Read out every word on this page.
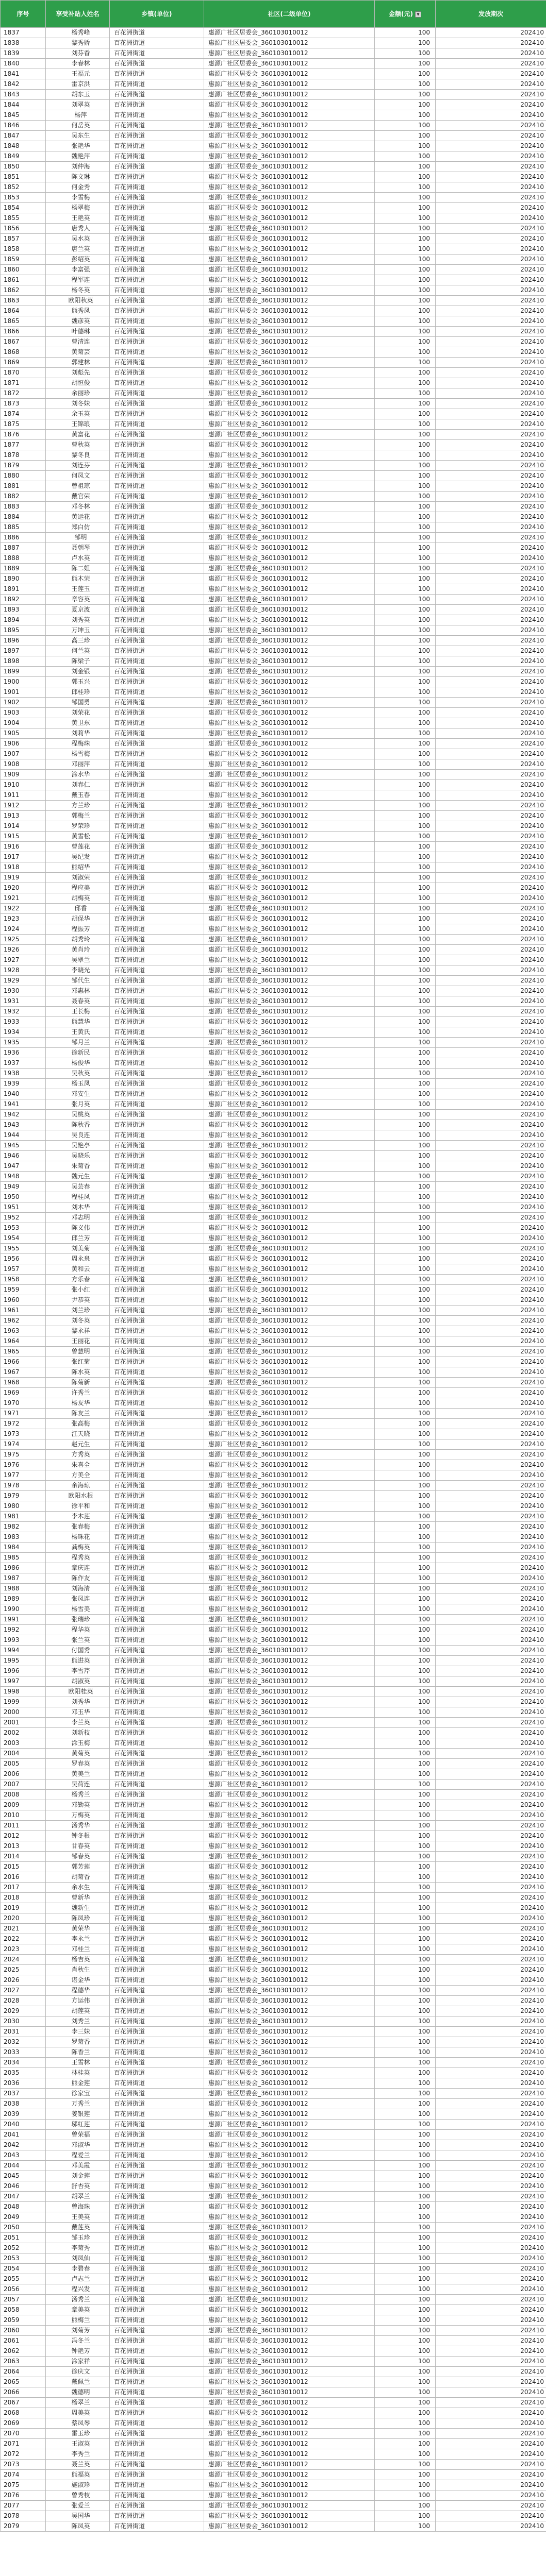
序号	享受补贴人姓名	乡镇(单位)	社区(二级单位)	金额(元) ▼	发放期次
1837	杨秀峰	百花洲街道	惠源广社区居委会_360103010012	100	202410
1838	黎秀娇	百花洲街道	惠源广社区居委会_360103010012	100	202410
1839	刘芬香	百花洲街道	惠源广社区居委会_360103010012	100	202410
1840	李春林	百花洲街道	惠源广社区居委会_360103010012	100	202410
1841	王福元	百花洲街道	惠源广社区居委会_360103010012	100	202410
1842	雷京洪	百花洲街道	惠源广社区居委会_360103010012	100	202410
1843	胡东玉	百花洲街道	惠源广社区居委会_360103010012	100	202410
1844	刘翠英	百花洲街道	惠源广社区居委会_360103010012	100	202410
1845	杨萍	百花洲街道	惠源广社区居委会_360103010012	100	202410
1846	何岳英	百花洲街道	惠源广社区居委会_360103010012	100	202410
1847	吴东生	百花洲街道	惠源广社区居委会_360103010012	100	202410
1848	张艳华	百花洲街道	惠源广社区居委会_360103010012	100	202410
1849	魏艳萍	百花洲街道	惠源广社区居委会_360103010012	100	202410
1850	刘仲海	百花洲街道	惠源广社区居委会_360103010012	100	202410
1851	陈文琳	百花洲街道	惠源广社区居委会_360103010012	100	202410
1852	何金秀	百花洲街道	惠源广社区居委会_360103010012	100	202410
1853	李雪梅	百花洲街道	惠源广社区居委会_360103010012	100	202410
1854	杨翠梅	百花洲街道	惠源广社区居委会_360103010012	100	202410
1855	王艳英	百花洲街道	惠源广社区居委会_360103010012	100	202410
1856	唐秀人	百花洲街道	惠源广社区居委会_360103010012	100	202410
1857	吴水英	百花洲街道	惠源广社区居委会_360103010012	100	202410
1858	唐兰英	百花洲街道	惠源广社区居委会_360103010012	100	202410
1859	彭绍英	百花洲街道	惠源广社区居委会_360103010012	100	202410
1860	李富强	百花洲街道	惠源广社区居委会_360103010012	100	202410
1861	程军连	百花洲街道	惠源广社区居委会_360103010012	100	202410
1862	杨冬英	百花洲街道	惠源广社区居委会_360103010012	100	202410
1863	欧阳秋英	百花洲街道	惠源广社区居委会_360103010012	100	202410
1864	熊秀凤	百花洲街道	惠源广社区居委会_360103010012	100	202410
1865	魏彦英	百花洲街道	惠源广社区居委会_360103010012	100	202410
1866	叶德琳	百花洲街道	惠源广社区居委会_360103010012	100	202410
1867	曹清连	百花洲街道	惠源广社区居委会_360103010012	100	202410
1868	黄菊芸	百花洲街道	惠源广社区居委会_360103010012	100	202410
1869	郭建林	百花洲街道	惠源广社区居委会_360103010012	100	202410
1870	刘彪先	百花洲街道	惠源广社区居委会_360103010012	100	202410
1871	胡恒俊	百花洲街道	惠源广社区居委会_360103010012	100	202410
1872	余丽珍	百花洲街道	惠源广社区居委会_360103010012	100	202410
1873	刘冬妹	百花洲街道	惠源广社区居委会_360103010012	100	202410
1874	余玉英	百花洲街道	惠源广社区居委会_360103010012	100	202410
1875	王锦琅	百花洲街道	惠源广社区居委会_360103010012	100	202410
1876	黄富花	百花洲街道	惠源广社区居委会_360103010012	100	202410
1877	曹秋英	百花洲街道	惠源广社区居委会_360103010012	100	202410
1878	黎冬良	百花洲街道	惠源广社区居委会_360103010012	100	202410
1879	刘连芬	百花洲街道	惠源广社区居委会_360103010012	100	202410
1880	何凤文	百花洲街道	惠源广社区居委会_360103010012	100	202410
1881	曾祖琼	百花洲街道	惠源广社区居委会_360103010012	100	202410
1882	戴官荣	百花洲街道	惠源广社区居委会_360103010012	100	202410
1883	邓冬林	百花洲街道	惠源广社区居委会_360103010012	100	202410
1884	黄运花	百花洲街道	惠源广社区居委会_360103010012	100	202410
1885	郑白仿	百花洲街道	惠源广社区居委会_360103010012	100	202410
1886	邹明	百花洲街道	惠源广社区居委会_360103010012	100	202410
1887	聂朝琴	百花洲街道	惠源广社区居委会_360103010012	100	202410
1888	卢水英	百花洲街道	惠源广社区居委会_360103010012	100	202410
1889	陈二姐	百花洲街道	惠源广社区居委会_360103010012	100	202410
1890	熊木荣	百花洲街道	惠源广社区居委会_360103010012	100	202410
1891	王莲玉	百花洲街道	惠源广社区居委会_360103010012	100	202410
1892	章容英	百花洲街道	惠源广社区居委会_360103010012	100	202410
1893	夏京波	百花洲街道	惠源广社区居委会_360103010012	100	202410
1894	刘秀英	百花洲街道	惠源广社区居委会_360103010012	100	202410
1895	万坤玉	百花洲街道	惠源广社区居委会_360103010012	100	202410
1896	高三珍	百花洲街道	惠源广社区居委会_360103010012	100	202410
1897	何兰英	百花洲街道	惠源广社区居委会_360103010012	100	202410
1898	陈梁子	百花洲街道	惠源广社区居委会_360103010012	100	202410
1899	刘金银	百花洲街道	惠源广社区居委会_360103010012	100	202410
1900	郭玉兴	百花洲街道	惠源广社区居委会_360103010012	100	202410
1901	邱桂珍	百花洲街道	惠源广社区居委会_360103010012	100	202410
1902	邹国勇	百花洲街道	惠源广社区居委会_360103010012	100	202410
1903	刘荣花	百花洲街道	惠源广社区居委会_360103010012	100	202410
1904	黄卫东	百花洲街道	惠源广社区居委会_360103010012	100	202410
1905	刘莉华	百花洲街道	惠源广社区居委会_360103010012	100	202410
1906	程梅珠	百花洲街道	惠源广社区居委会_360103010012	100	202410
1907	杨雪梅	百花洲街道	惠源广社区居委会_360103010012	100	202410
1908	邓丽萍	百花洲街道	惠源广社区居委会_360103010012	100	202410
1909	涂水华	百花洲街道	惠源广社区居委会_360103010012	100	202410
1910	刘春仁	百花洲街道	惠源广社区居委会_360103010012	100	202410
1911	戴玉春	百花洲街道	惠源广社区居委会_360103010012	100	202410
1912	方兰珍	百花洲街道	惠源广社区居委会_360103010012	100	202410
1913	郭梅兰	百花洲街道	惠源广社区居委会_360103010012	100	202410
1914	罗荣珍	百花洲街道	惠源广社区居委会_360103010012	100	202410
1915	黄雪松	百花洲街道	惠源广社区居委会_360103010012	100	202410
1916	曹莲花	百花洲街道	惠源广社区居委会_360103010012	100	202410
1917	吴纪发	百花洲街道	惠源广社区居委会_360103010012	100	202410
1918	熊绍华	百花洲街道	惠源广社区居委会_360103010012	100	202410
1919	刘淑荣	百花洲街道	惠源广社区居委会_360103010012	100	202410
1920	程应美	百花洲街道	惠源广社区居委会_360103010012	100	202410
1921	胡梅英	百花洲街道	惠源广社区居委会_360103010012	100	202410
1922	邱香	百花洲街道	惠源广社区居委会_360103010012	100	202410
1923	胡保华	百花洲街道	惠源广社区居委会_360103010012	100	202410
1924	程振芳	百花洲街道	惠源广社区居委会_360103010012	100	202410
1925	胡秀玲	百花洲街道	惠源广社区居委会_360103010012	100	202410
1926	黄肖玲	百花洲街道	惠源广社区居委会_360103010012	100	202410
1927	吴翠兰	百花洲街道	惠源广社区居委会_360103010012	100	202410
1928	李晓光	百花洲街道	惠源广社区居委会_360103010012	100	202410
1929	邹代生	百花洲街道	惠源广社区居委会_360103010012	100	202410
1930	邓惠林	百花洲街道	惠源广社区居委会_360103010012	100	202410
1931	聂春英	百花洲街道	惠源广社区居委会_360103010012	100	202410
1932	王长梅	百花洲街道	惠源广社区居委会_360103010012	100	202410
1933	熊慧华	百花洲街道	惠源广社区居委会_360103010012	100	202410
1934	王黄氏	百花洲街道	惠源广社区居委会_360103010012	100	202410
1935	邹月兰	百花洲街道	惠源广社区居委会_360103010012	100	202410
1936	徐新民	百花洲街道	惠源广社区居委会_360103010012	100	202410
1937	杨俊华	百花洲街道	惠源广社区居委会_360103010012	100	202410
1938	吴秋英	百花洲街道	惠源广社区居委会_360103010012	100	202410
1939	杨玉凤	百花洲街道	惠源广社区居委会_360103010012	100	202410
1940	邓安生	百花洲街道	惠源广社区居委会_360103010012	100	202410
1941	张月英	百花洲街道	惠源广社区居委会_360103010012	100	202410
1942	吴桃英	百花洲街道	惠源广社区居委会_360103010012	100	202410
1943	陈秋香	百花洲街道	惠源广社区居委会_360103010012	100	202410
1944	吴良连	百花洲街道	惠源广社区居委会_360103010012	100	202410
1945	吴艳亭	百花洲街道	惠源广社区居委会_360103010012	100	202410
1946	吴晓乐	百花洲街道	惠源广社区居委会_360103010012	100	202410
1947	朱菊香	百花洲街道	惠源广社区居委会_360103010012	100	202410
1948	魏元生	百花洲街道	惠源广社区居委会_360103010012	100	202410
1949	吴芸春	百花洲街道	惠源广社区居委会_360103010012	100	202410
1950	程桂凤	百花洲街道	惠源广社区居委会_360103010012	100	202410
1951	刘木华	百花洲街道	惠源广社区居委会_360103010012	100	202410
1952	邓志明	百花洲街道	惠源广社区居委会_360103010012	100	202410
1953	陈义伟	百花洲街道	惠源广社区居委会_360103010012	100	202410
1954	邱兰芳	百花洲街道	惠源广社区居委会_360103010012	100	202410
1955	刘美菊	百花洲街道	惠源广社区居委会_360103010012	100	202410
1956	周永泉	百花洲街道	惠源广社区居委会_360103010012	100	202410
1957	黄和云	百花洲街道	惠源广社区居委会_360103010012	100	202410
1958	方乐春	百花洲街道	惠源广社区居委会_360103010012	100	202410
1959	张小红	百花洲街道	惠源广社区居委会_360103010012	100	202410
1960	尹恭英	百花洲街道	惠源广社区居委会_360103010012	100	202410
1961	刘兰珍	百花洲街道	惠源广社区居委会_360103010012	100	202410
1962	刘冬英	百花洲街道	惠源广社区居委会_360103010012	100	202410
1963	黎永祥	百花洲街道	惠源广社区居委会_360103010012	100	202410
1964	王丽花	百花洲街道	惠源广社区居委会_360103010012	100	202410
1965	曾慧明	百花洲街道	惠源广社区居委会_360103010012	100	202410
1966	张红菊	百花洲街道	惠源广社区居委会_360103010012	100	202410
1967	陈水英	百花洲街道	惠源广社区居委会_360103010012	100	202410
1968	陈菊新	百花洲街道	惠源广社区居委会_360103010012	100	202410
1969	许秀兰	百花洲街道	惠源广社区居委会_360103010012	100	202410
1970	杨友华	百花洲街道	惠源广社区居委会_360103010012	100	202410
1971	陈友兰	百花洲街道	惠源广社区居委会_360103010012	100	202410
1972	张高梅	百花洲街道	惠源广社区居委会_360103010012	100	202410
1973	江天晓	百花洲街道	惠源广社区居委会_360103010012	100	202410
1974	赵元生	百花洲街道	惠源广社区居委会_360103010012	100	202410
1975	方秀英	百花洲街道	惠源广社区居委会_360103010012	100	202410
1976	朱喜全	百花洲街道	惠源广社区居委会_360103010012	100	202410
1977	方美全	百花洲街道	惠源广社区居委会_360103010012	100	202410
1978	余海琼	百花洲街道	惠源广社区居委会_360103010012	100	202410
1979	欧阳水根	百花洲街道	惠源广社区居委会_360103010012	100	202410
1980	徐平和	百花洲街道	惠源广社区居委会_360103010012	100	202410
1981	李木莲	百花洲街道	惠源广社区居委会_360103010012	100	202410
1982	张春梅	百花洲街道	惠源广社区居委会_360103010012	100	202410
1983	杨珠花	百花洲街道	惠源广社区居委会_360103010012	100	202410
1984	龚梅英	百花洲街道	惠源广社区居委会_360103010012	100	202410
1985	程秀英	百花洲街道	惠源广社区居委会_360103010012	100	202410
1986	章庆连	百花洲街道	惠源广社区居委会_360103010012	100	202410
1987	陈作友	百花洲街道	惠源广社区居委会_360103010012	100	202410
1988	刘海清	百花洲街道	惠源广社区居委会_360103010012	100	202410
1989	张凤连	百花洲街道	惠源广社区居委会_360103010012	100	202410
1990	杨雪美	百花洲街道	惠源广社区居委会_360103010012	100	202410
1991	张瑞珍	百花洲街道	惠源广社区居委会_360103010012	100	202410
1992	程华英	百花洲街道	惠源广社区居委会_360103010012	100	202410
1993	张兰英	百花洲街道	惠源广社区居委会_360103010012	100	202410
1994	付国秀	百花洲街道	惠源广社区居委会_360103010012	100	202410
1995	熊进英	百花洲街道	惠源广社区居委会_360103010012	100	202410
1996	李雪芹	百花洲街道	惠源广社区居委会_360103010012	100	202410
1997	胡淑英	百花洲街道	惠源广社区居委会_360103010012	100	202410
1998	欧阳桂英	百花洲街道	惠源广社区居委会_360103010012	100	202410
1999	刘秀华	百花洲街道	惠源广社区居委会_360103010012	100	202410
2000	邓玉华	百花洲街道	惠源广社区居委会_360103010012	100	202410
2001	李兰英	百花洲街道	惠源广社区居委会_360103010012	100	202410
2002	刘新枝	百花洲街道	惠源广社区居委会_360103010012	100	202410
2003	涂玉梅	百花洲街道	惠源广社区居委会_360103010012	100	202410
2004	黄菊英	百花洲街道	惠源广社区居委会_360103010012	100	202410
2005	罗春英	百花洲街道	惠源广社区居委会_360103010012	100	202410
2006	黄美兰	百花洲街道	惠源广社区居委会_360103010012	100	202410
2007	吴荷连	百花洲街道	惠源广社区居委会_360103010012	100	202410
2008	杨秀兰	百花洲街道	惠源广社区居委会_360103010012	100	202410
2009	邓勤英	百花洲街道	惠源广社区居委会_360103010012	100	202410
2010	万梅英	百花洲街道	惠源广社区居委会_360103010012	100	202410
2011	汤秀华	百花洲街道	惠源广社区居委会_360103010012	100	202410
2012	钟冬根	百花洲街道	惠源广社区居委会_360103010012	100	202410
2013	甘春英	百花洲街道	惠源广社区居委会_360103010012	100	202410
2014	邹春英	百花洲街道	惠源广社区居委会_360103010012	100	202410
2015	郭芳莲	百花洲街道	惠源广社区居委会_360103010012	100	202410
2016	胡菊香	百花洲街道	惠源广社区居委会_360103010012	100	202410
2017	余水生	百花洲街道	惠源广社区居委会_360103010012	100	202410
2018	曹新华	百花洲街道	惠源广社区居委会_360103010012	100	202410
2019	魏新生	百花洲街道	惠源广社区居委会_360103010012	100	202410
2020	陈凤珍	百花洲街道	惠源广社区居委会_360103010012	100	202410
2021	黄荣华	百花洲街道	惠源广社区居委会_360103010012	100	202410
2022	李永兰	百花洲街道	惠源广社区居委会_360103010012	100	202410
2023	邓桂兰	百花洲街道	惠源广社区居委会_360103010012	100	202410
2024	杨吉英	百花洲街道	惠源广社区居委会_360103010012	100	202410
2025	肖秋生	百花洲街道	惠源广社区居委会_360103010012	100	202410
2026	谌金华	百花洲街道	惠源广社区居委会_360103010012	100	202410
2027	程德华	百花洲街道	惠源广社区居委会_360103010012	100	202410
2028	方运伟	百花洲街道	惠源广社区居委会_360103010012	100	202410
2029	胡莲英	百花洲街道	惠源广社区居委会_360103010012	100	202410
2030	刘秀兰	百花洲街道	惠源广社区居委会_360103010012	100	202410
2031	李三妹	百花洲街道	惠源广社区居委会_360103010012	100	202410
2032	罗菊香	百花洲街道	惠源广社区居委会_360103010012	100	202410
2033	陈香兰	百花洲街道	惠源广社区居委会_360103010012	100	202410
2034	王雪林	百花洲街道	惠源广社区居委会_360103010012	100	202410
2035	林桂英	百花洲街道	惠源广社区居委会_360103010012	100	202410
2036	熊金莲	百花洲街道	惠源广社区居委会_360103010012	100	202410
2037	徐家宝	百花洲街道	惠源广社区居委会_360103010012	100	202410
2038	万秀兰	百花洲街道	惠源广社区居委会_360103010012	100	202410
2039	姜银莲	百花洲街道	惠源广社区居委会_360103010012	100	202410
2040	邬红莲	百花洲街道	惠源广社区居委会_360103010012	100	202410
2041	曾荣福	百花洲街道	惠源广社区居委会_360103010012	100	202410
2042	邓淑华	百花洲街道	惠源广社区居委会_360103010012	100	202410
2043	程爱兰	百花洲街道	惠源广社区居委会_360103010012	100	202410
2044	邓美霞	百花洲街道	惠源广社区居委会_360103010012	100	202410
2045	刘金莲	百花洲街道	惠源广社区居委会_360103010012	100	202410
2046	舒杏英	百花洲街道	惠源广社区居委会_360103010012	100	202410
2047	胡翠兰	百花洲街道	惠源广社区居委会_360103010012	100	202410
2048	曾海珠	百花洲街道	惠源广社区居委会_360103010012	100	202410
2049	王美英	百花洲街道	惠源广社区居委会_360103010012	100	202410
2050	戴莲英	百花洲街道	惠源广社区居委会_360103010012	100	202410
2051	邹玉珍	百花洲街道	惠源广社区居委会_360103010012	100	202410
2052	李菊秀	百花洲街道	惠源广社区居委会_360103010012	100	202410
2053	刘凤仙	百花洲街道	惠源广社区居委会_360103010012	100	202410
2054	李碧春	百花洲街道	惠源广社区居委会_360103010012	100	202410
2055	卢志兰	百花洲街道	惠源广社区居委会_360103010012	100	202410
2056	程兴发	百花洲街道	惠源广社区居委会_360103010012	100	202410
2057	汤秀兰	百花洲街道	惠源广社区居委会_360103010012	100	202410
2058	章美英	百花洲街道	惠源广社区居委会_360103010012	100	202410
2059	熊梅兰	百花洲街道	惠源广社区居委会_360103010012	100	202410
2060	刘菊芳	百花洲街道	惠源广社区居委会_360103010012	100	202410
2061	冯冬兰	百花洲街道	惠源广社区居委会_360103010012	100	202410
2062	钟艳芳	百花洲街道	惠源广社区居委会_360103010012	100	202410
2063	涂家祥	百花洲街道	惠源广社区居委会_360103010012	100	202410
2064	徐庆文	百花洲街道	惠源广社区居委会_360103010012	100	202410
2065	戴佩兰	百花洲街道	惠源广社区居委会_360103010012	100	202410
2066	魏德明	百花洲街道	惠源广社区居委会_360103010012	100	202410
2067	杨翠兰	百花洲街道	惠源广社区居委会_360103010012	100	202410
2068	周美英	百花洲街道	惠源广社区居委会_360103010012	100	202410
2069	蔡凤琴	百花洲街道	惠源广社区居委会_360103010012	100	202410
2070	雷玉珍	百花洲街道	惠源广社区居委会_360103010012	100	202410
2071	王淑英	百花洲街道	惠源广社区居委会_360103010012	100	202410
2072	李秀兰	百花洲街道	惠源广社区居委会_360103010012	100	202410
2073	聂兰英	百花洲街道	惠源广社区居委会_360103010012	100	202410
2074	熊福英	百花洲街道	惠源广社区居委会_360103010012	100	202410
2075	施淑珍	百花洲街道	惠源广社区居委会_360103010012	100	202410
2076	曾秀枝	百花洲街道	惠源广社区居委会_360103010012	100	202410
2077	张爱兰	百花洲街道	惠源广社区居委会_360103010012	100	202410
2078	吴国华	百花洲街道	惠源广社区居委会_360103010012	100	202410
2079	陈凤英	百花洲街道	惠源广社区居委会_360103010012	100	202410
